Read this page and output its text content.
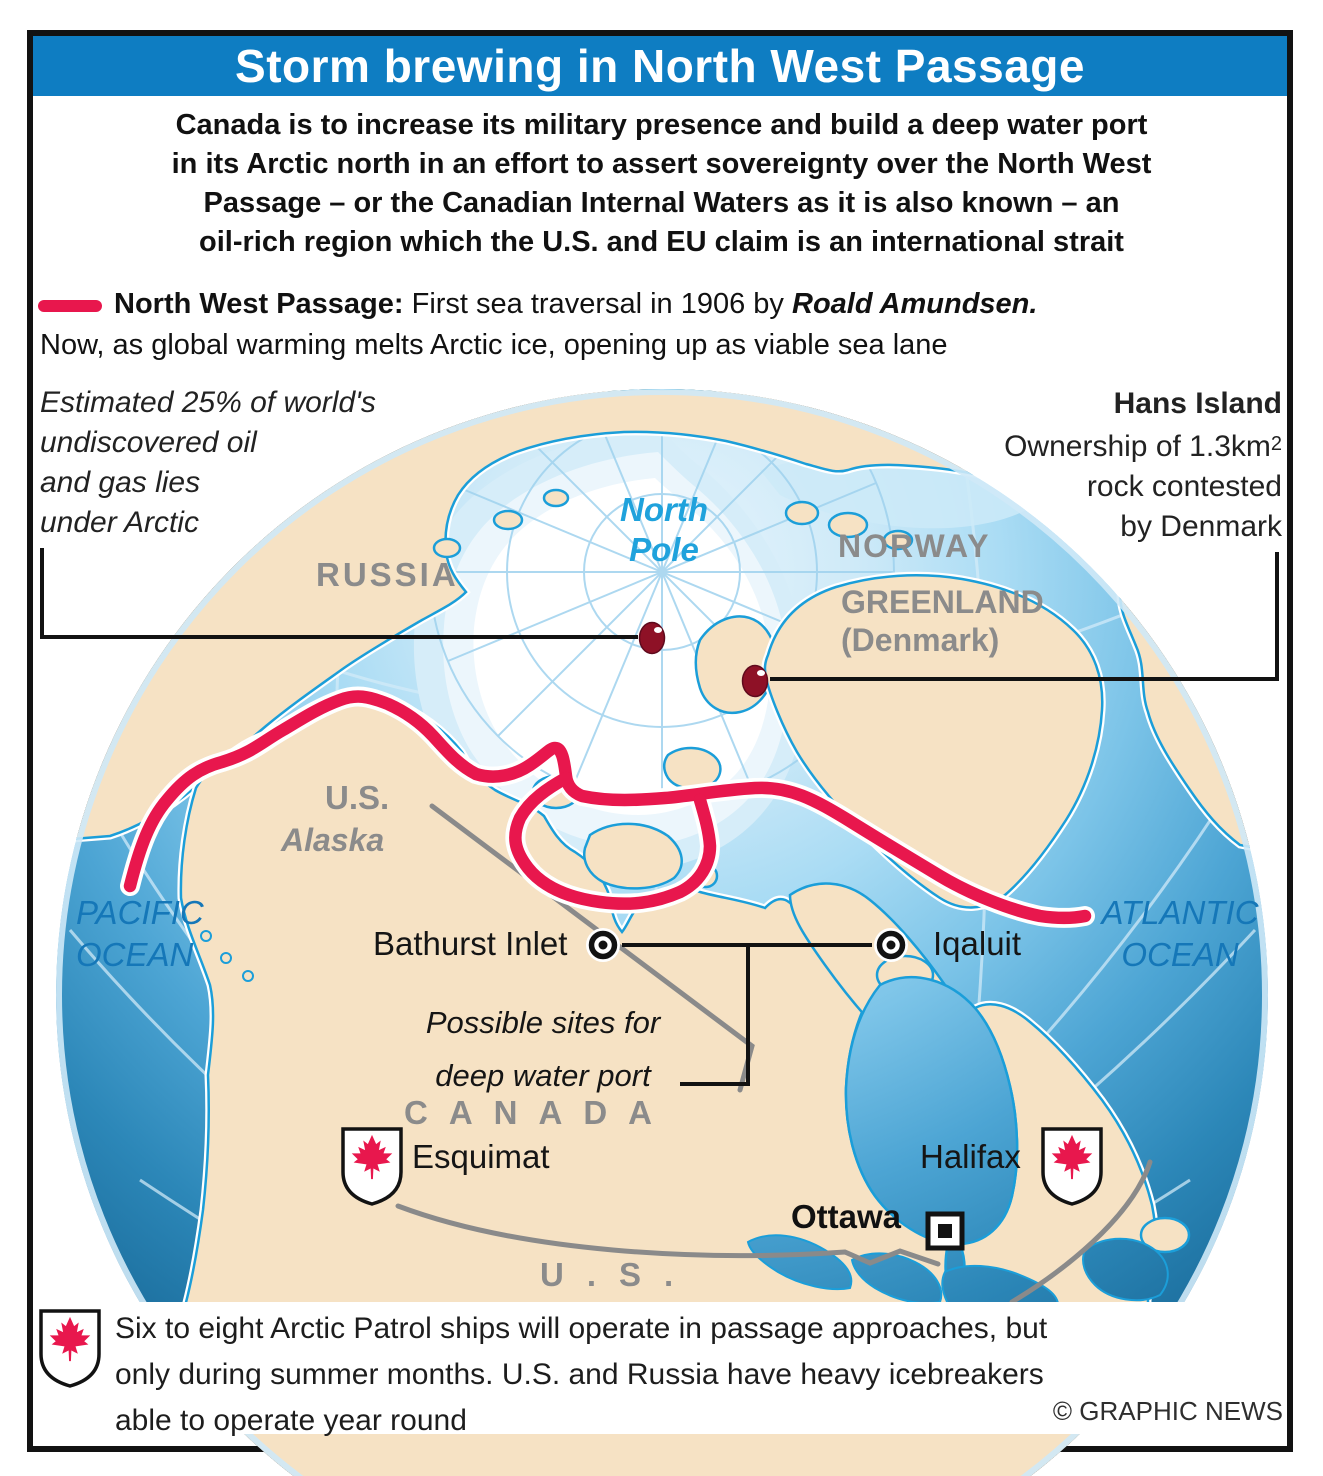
Storm brewing in North West Passage
Canada is to increase its military presence and build a deep water port
in its Arctic north in an effort to assert sovereignty over the North West
Passage – or the Canadian Internal Waters as it is also known – an
oil-rich region which the U.S. and EU claim is an international strait
North West Passage: First sea traversal in 1906 by Roald Amundsen.
Now, as global warming melts Arctic ice, opening up as viable sea lane
Estimated 25% of world's
undiscovered oil
and gas lies
under Arctic
Hans Island
Ownership of $1.3km^2$
rock contested
by Denmark
RUSSIA
North
Pole	NORWAY
GREENLAND
(Denmark)
U.S.
Alaska
PACIFIC
OCEAN
ATLANTIC
OCEAN
Bathurst Inlet	Iqaluit
Possible sites for
deep water port
CANADA
Esquimat	Halifax
Ottawa
U.S.
Six to eight Arctic Patrol ships will operate in passage approaches, but
only during summer months. U.S. and Russia have heavy icebreakers
able to operate year round	© GRAPHIC NEWS
